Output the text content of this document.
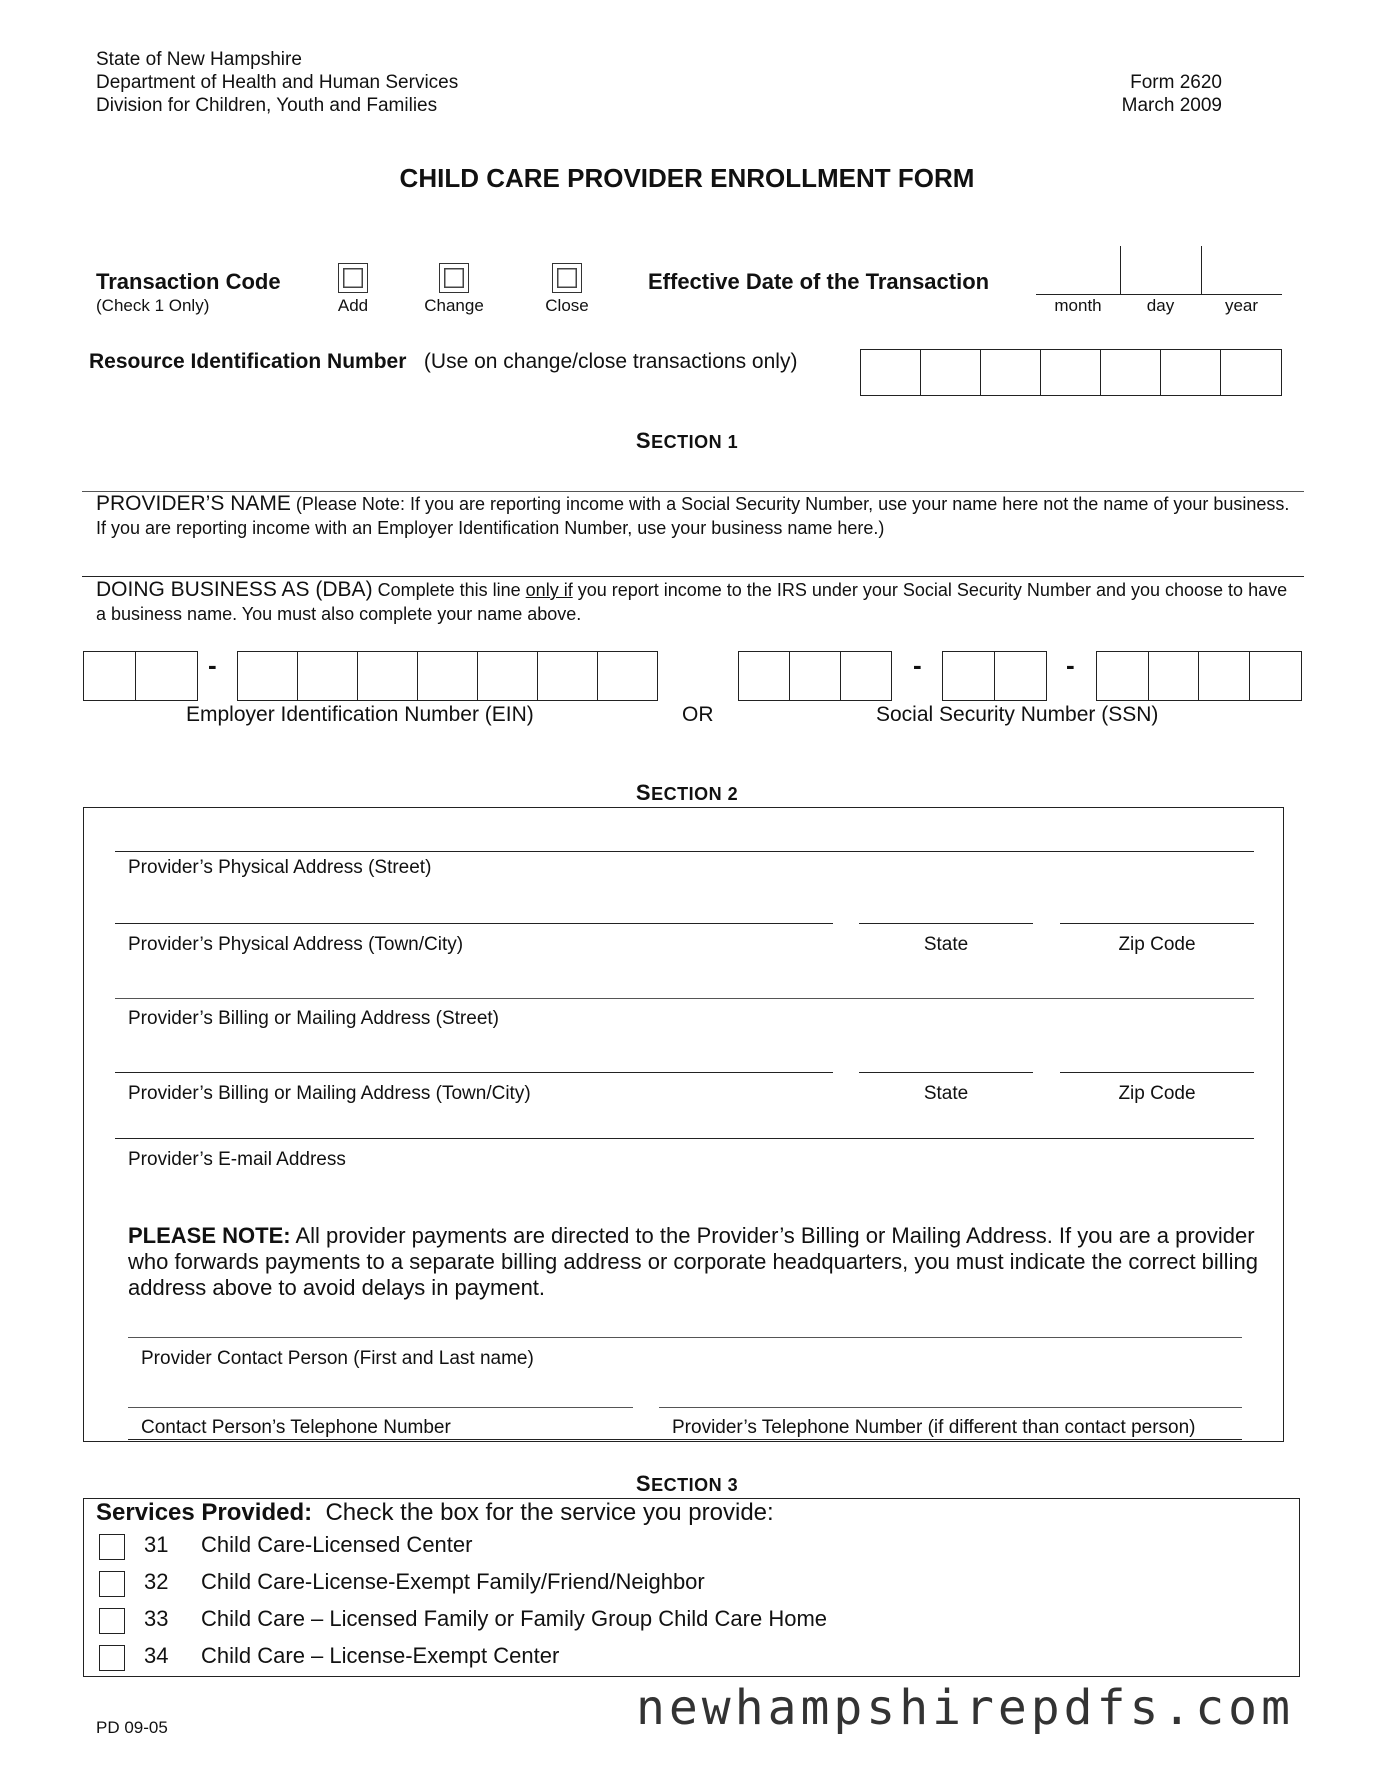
State of New Hampshire
Department of Health and Human Services
Division for Children, Youth and Families
Form 2620
March 2009
CHILD CARE PROVIDER ENROLLMENT FORM
Transaction Code
(Check 1 Only)	Add	Change	Close
Effective Date of the Transaction
month	day	year
Resource Identification Number (Use on change/close transactions only)
SECTION 1
PROVIDER’S NAME (Please Note: If you are reporting income with a Social Security Number, use your name here not the name of your business. If you are reporting income with an Employer Identification Number, use your business name here.)
DOING BUSINESS AS (DBA) Complete this line only if you report income to the IRS under your Social Security Number and you choose to have a business name. You must also complete your name above.
-
Employer Identification Number (EIN)	OR
-	-
Social Security Number (SSN)
SECTION 2
Provider’s Physical Address (Street)
Provider’s Physical Address (Town/City)	State	Zip Code
Provider’s Billing or Mailing Address (Street)
Provider’s Billing or Mailing Address (Town/City)	State	Zip Code
Provider’s E-mail Address
PLEASE NOTE: All provider payments are directed to the Provider’s Billing or Mailing Address. If you are a provider who forwards payments to a separate billing address or corporate headquarters, you must indicate the correct billing address above to avoid delays in payment.
Provider Contact Person (First and Last name)
Contact Person’s Telephone Number	Provider’s Telephone Number (if different than contact person)
SECTION 3
Services Provided: Check the box for the service you provide:
31 Child Care-Licensed Center
32 Child Care-License-Exempt Family/Friend/Neighbor
33 Child Care – Licensed Family or Family Group Child Care Home
34 Child Care – License-Exempt Center
PD 09-05	newhampshirepdfs.com
